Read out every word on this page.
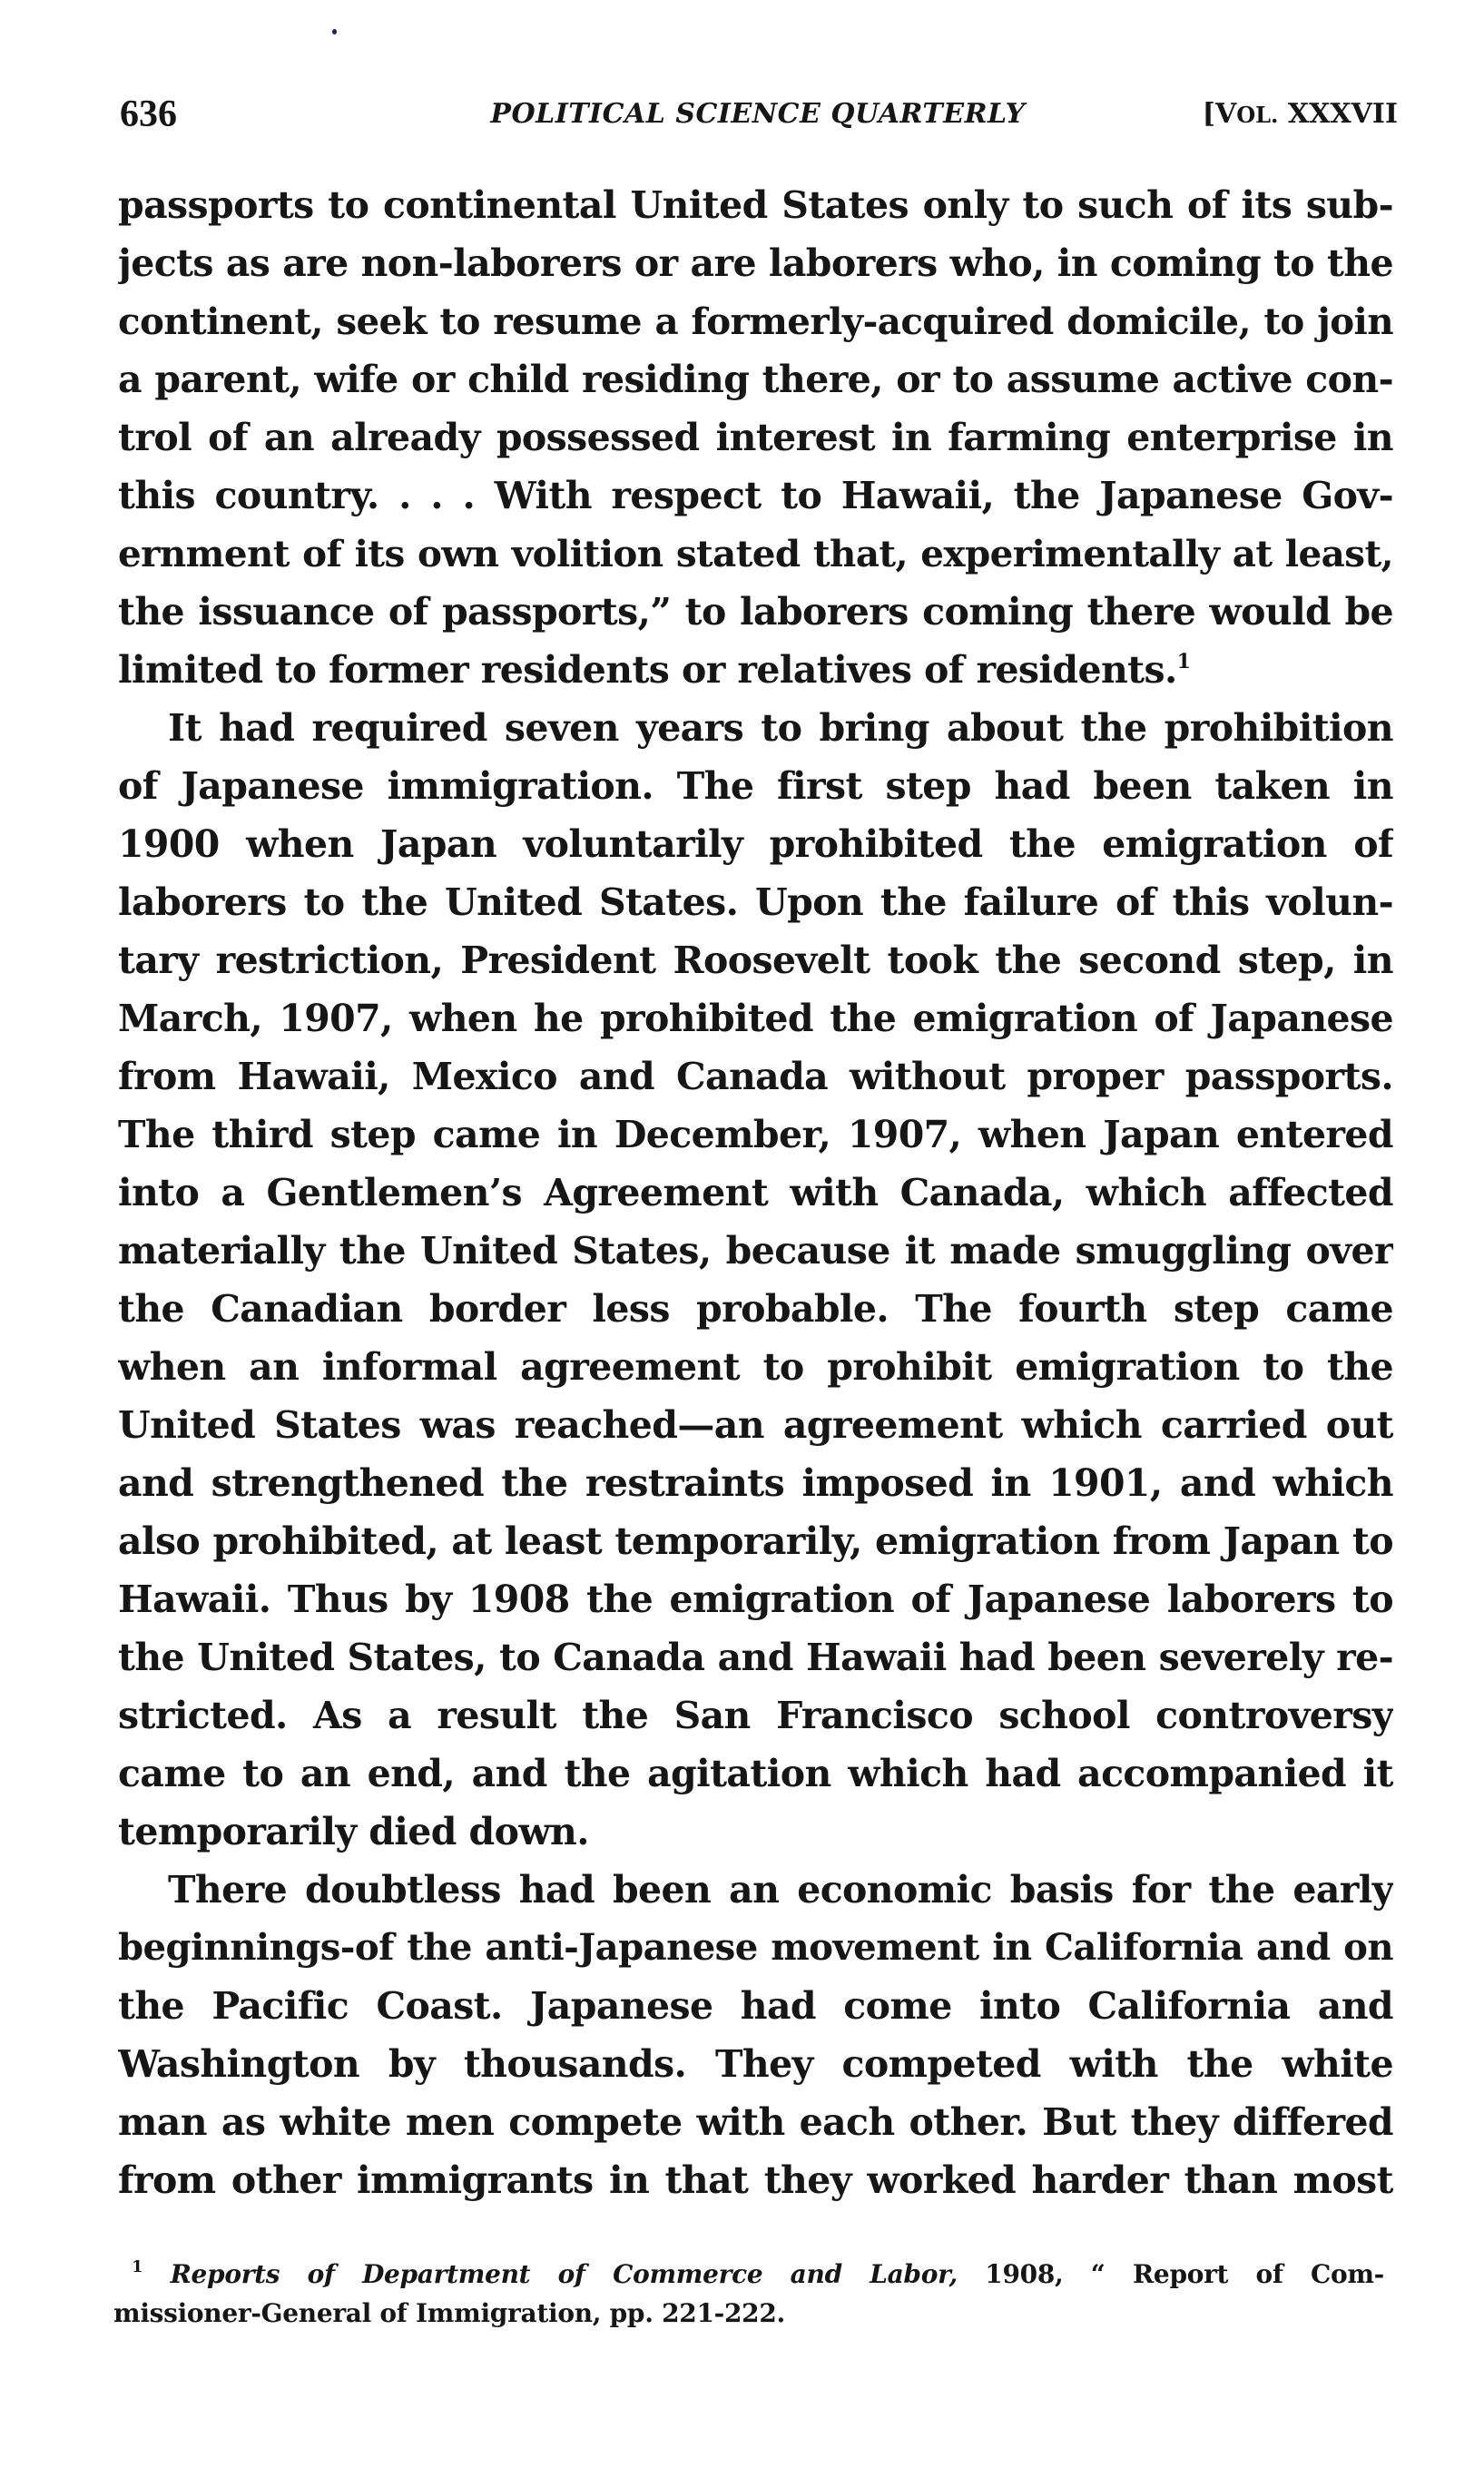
636	POLITICAL SCIENCE QUARTERLY	[VOL. XXXVII
passports to continental United States only to such of its sub-
jects as are non-laborers or are laborers who, in coming to the
continent, seek to resume a formerly-acquired domicile, to join
a parent, wife or child residing there, or to assume active con-
trol of an already possessed interest in farming enterprise in
this country. . . . With respect to Hawaii, the Japanese Gov-
ernment of its own volition stated that, experimentally at least,
the issuance of passports,” to laborers coming there would be
limited to former residents or relatives of residents.$^1$
It had required seven years to bring about the prohibition
of Japanese immigration. The first step had been taken in
1900 when Japan voluntarily prohibited the emigration of
laborers to the United States. Upon the failure of this volun-
tary restriction, President Roosevelt took the second step, in
March, 1907, when he prohibited the emigration of Japanese
from Hawaii, Mexico and Canada without proper passports.
The third step came in December, 1907, when Japan entered
into a Gentlemen’s Agreement with Canada, which affected
materially the United States, because it made smuggling over
the Canadian border less probable. The fourth step came
when an informal agreement to prohibit emigration to the
United States was reached—an agreement which carried out
and strengthened the restraints imposed in 1901, and which
also prohibited, at least temporarily, emigration from Japan to
Hawaii. Thus by 1908 the emigration of Japanese laborers to
the United States, to Canada and Hawaii had been severely re-
stricted. As a result the San Francisco school controversy
came to an end, and the agitation which had accompanied it
temporarily died down.
There doubtless had been an economic basis for the early
beginnings-of the anti-Japanese movement in California and on
the Pacific Coast. Japanese had come into California and
Washington by thousands. They competed with the white
man as white men compete with each other. But they differed
from other immigrants in that they worked harder than most
$^1$ Reports of Department of Commerce and Labor, 1908, “ Report of Com-
missioner-General of Immigration, pp. 221-222.
